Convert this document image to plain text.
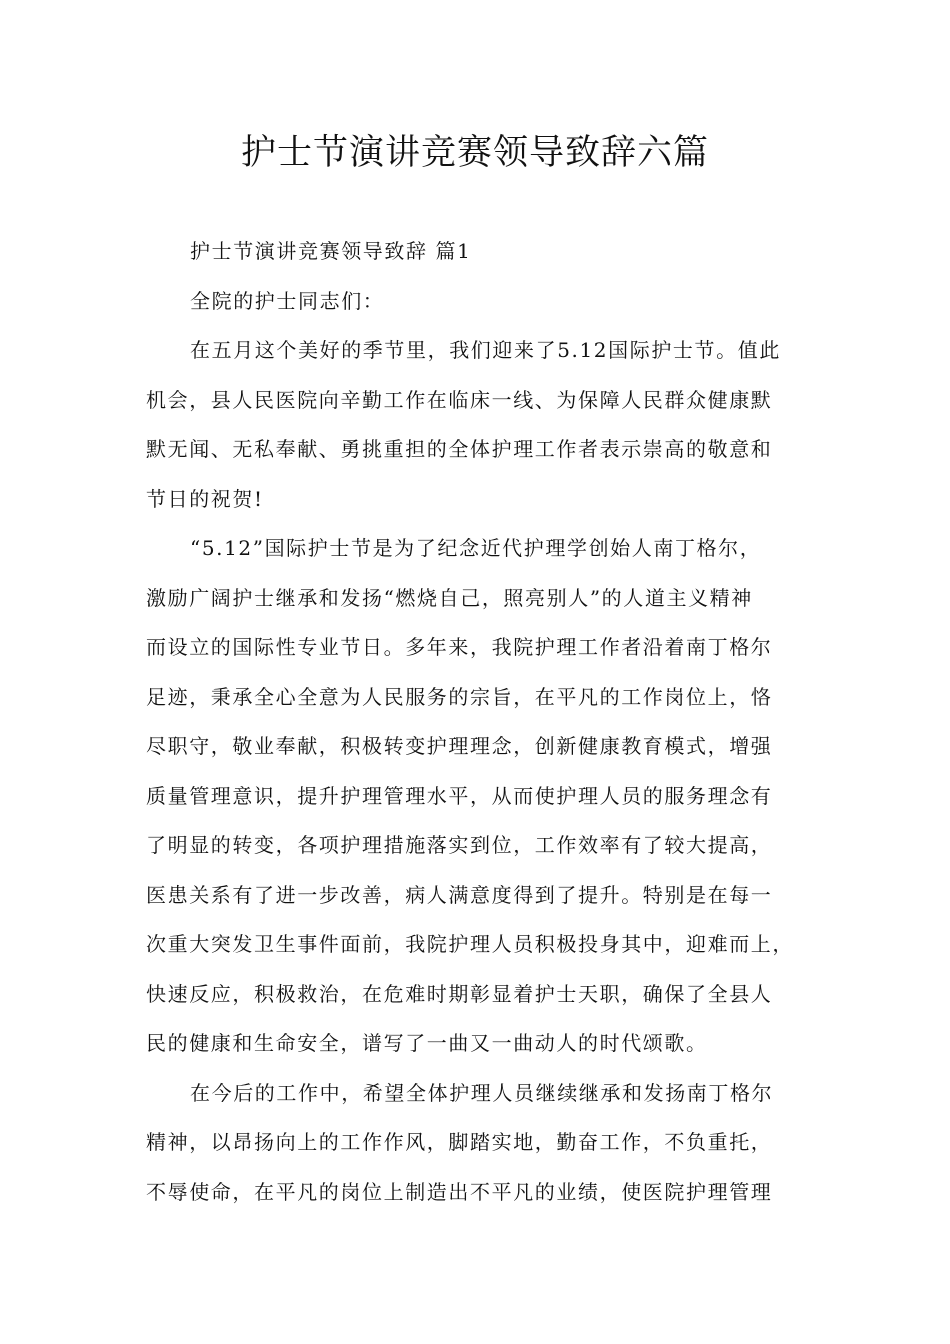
护士节演讲竞赛领导致辞六篇
护士节演讲竞赛领导致辞 篇1
全院的护士同志们：
在五月这个美好的季节里，我们迎来了5.12国际护士节。值此
机会，县人民医院向辛勤工作在临床一线、为保障人民群众健康默
默无闻、无私奉献、勇挑重担的全体护理工作者表示崇高的敬意和
节日的祝贺!
“5.12”国际护士节是为了纪念近代护理学创始人南丁格尔，
激励广阔护士继承和发扬“燃烧自己，照亮别人”的人道主义精神
而设立的国际性专业节日。多年来，我院护理工作者沿着南丁格尔
足迹，秉承全心全意为人民服务的宗旨，在平凡的工作岗位上，恪
尽职守，敬业奉献，积极转变护理理念，创新健康教育模式，增强
质量管理意识，提升护理管理水平，从而使护理人员的服务理念有
了明显的转变，各项护理措施落实到位，工作效率有了较大提高，
医患关系有了进一步改善，病人满意度得到了提升。特别是在每一
次重大突发卫生事件面前，我院护理人员积极投身其中，迎难而上，
快速反应，积极救治，在危难时期彰显着护士天职，确保了全县人
民的健康和生命安全，谱写了一曲又一曲动人的时代颂歌。
在今后的工作中，希望全体护理人员继续继承和发扬南丁格尔
精神，以昂扬向上的工作作风，脚踏实地，勤奋工作，不负重托，
不辱使命，在平凡的岗位上制造出不平凡的业绩，使医院护理管理
